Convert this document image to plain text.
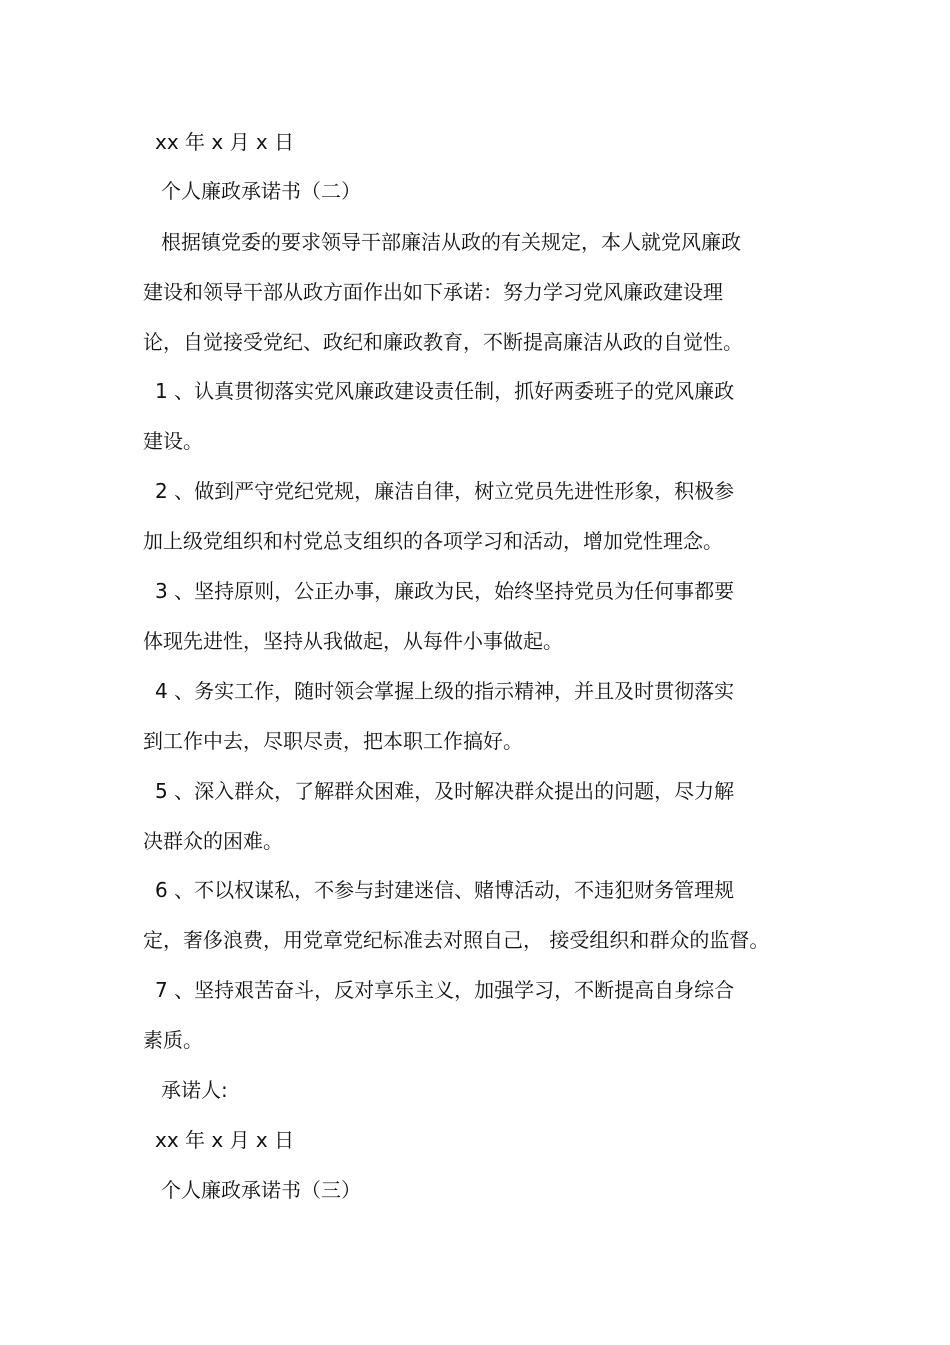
xx 年 x 月 x 日
个人廉政承诺书（二）
根据镇党委的要求领导干部廉洁从政的有关规定，本人就党风廉政
建设和领导干部从政方面作出如下承诺：努力学习党风廉政建设理
论，自觉接受党纪、政纪和廉政教育，不断提高廉洁从政的自觉性。
1 、认真贯彻落实党风廉政建设责任制，抓好两委班子的党风廉政
建设。
2 、做到严守党纪党规，廉洁自律，树立党员先进性形象，积极参
加上级党组织和村党总支组织的各项学习和活动，增加党性理念。
3 、坚持原则，公正办事，廉政为民，始终坚持党员为任何事都要
体现先进性，坚持从我做起，从每件小事做起。
4 、务实工作，随时领会掌握上级的指示精神，并且及时贯彻落实
到工作中去，尽职尽责，把本职工作搞好。
5 、深入群众，了解群众困难，及时解决群众提出的问题，尽力解
决群众的困难。
6 、不以权谋私，不参与封建迷信、赌博活动，不违犯财务管理规
定，奢侈浪费，用党章党纪标准去对照自己， 接受组织和群众的监督。
7 、坚持艰苦奋斗，反对享乐主义，加强学习，不断提高自身综合
素质。
承诺人:
xx 年 x 月 x 日
个人廉政承诺书（三）
